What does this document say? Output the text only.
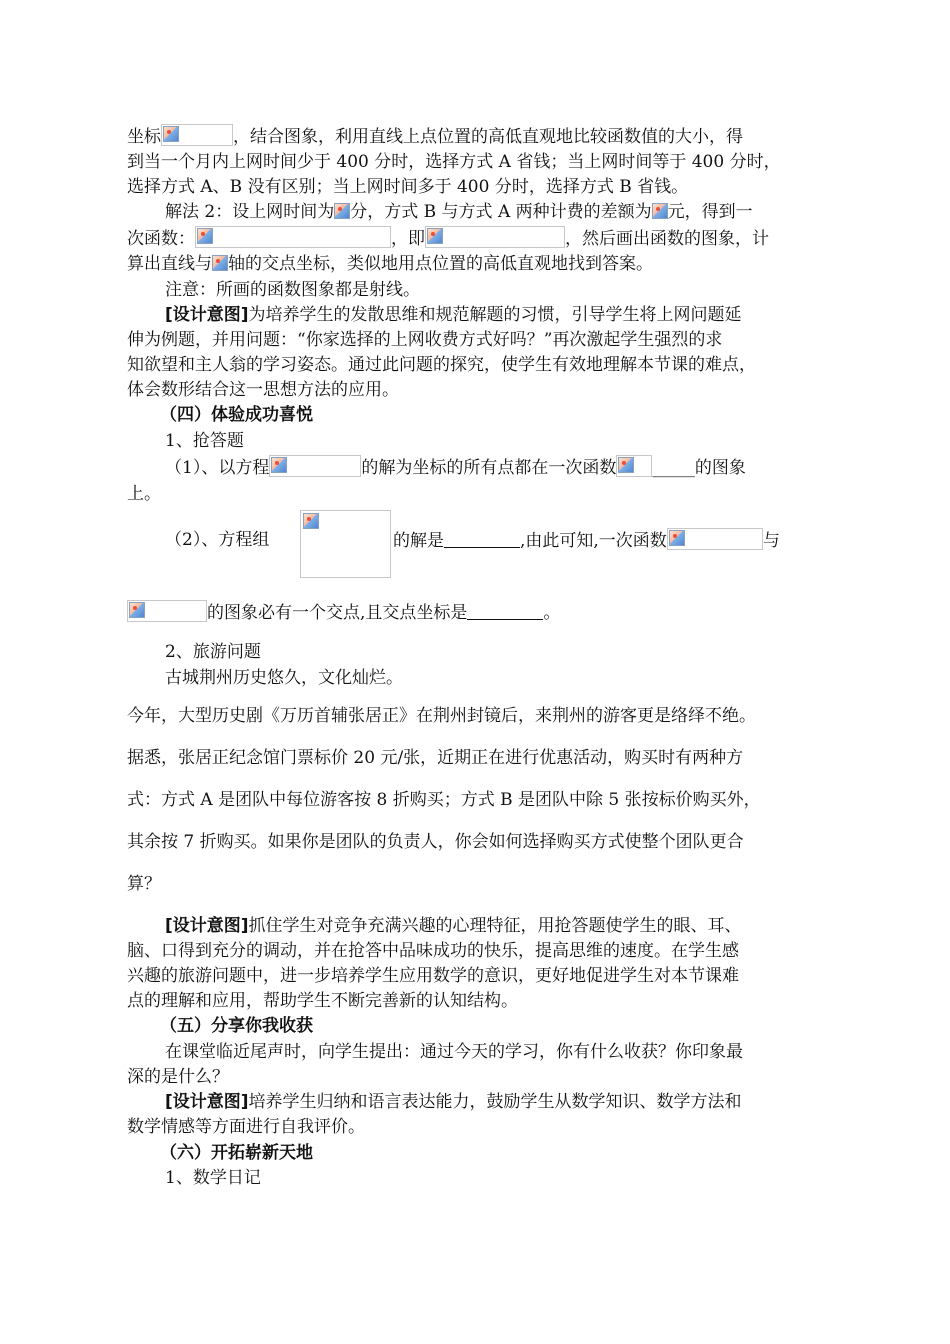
坐标	，结合图象，利用直线上点位置的高低直观地比较函数值的大小，得
到当一个月内上网时间少于 400 分时，选择方式 A 省钱；当上网时间等于 400 分时，
选择方式 A、B 没有区别；当上网时间多于 400 分时，选择方式 B 省钱。
解法 2：设上网时间为 分，方式 B 与方式 A 两种计费的差额为 元，得到一
次函数：	，即	，然后画出函数的图象，计
算出直线与 轴的交点坐标，类似地用点位置的高低直观地找到答案。
注意：所画的函数图象都是射线。
[设计意图]为培养学生的发散思维和规范解题的习惯，引导学生将上网问题延
伸为例题，并用问题：“你家选择的上网收费方式好吗？”再次激起学生强烈的求
知欲望和主人翁的学习姿态。通过此问题的探究，使学生有效地理解本节课的难点，
体会数形结合这一思想方法的应用。
（四）体验成功喜悦
1、抢答题
（1）、以方程	的解为坐标的所有点都在一次函数 _____的图象
上。
（2）、方程组	的解是	,由此可知,一次函数	与
的图象必有一个交点,且交点坐标是	。
2、旅游问题
古城荆州历史悠久，文化灿烂。
今年，大型历史剧《万历首辅张居正》在荆州封镜后，来荆州的游客更是络绎不绝。
据悉，张居正纪念馆门票标价 20 元/张，近期正在进行优惠活动，购买时有两种方
式：方式 A 是团队中每位游客按 8 折购买；方式 B 是团队中除 5 张按标价购买外，
其余按 7 折购买。如果你是团队的负责人，你会如何选择购买方式使整个团队更合
算？
[设计意图]抓住学生对竞争充满兴趣的心理特征，用抢答题使学生的眼、耳、
脑、口得到充分的调动，并在抢答中品味成功的快乐，提高思维的速度。在学生感
兴趣的旅游问题中，进一步培养学生应用数学的意识，更好地促进学生对本节课难
点的理解和应用，帮助学生不断完善新的认知结构。
（五）分享你我收获
在课堂临近尾声时，向学生提出：通过今天的学习，你有什么收获？你印象最
深的是什么？
[设计意图]培养学生归纳和语言表达能力，鼓励学生从数学知识、数学方法和
数学情感等方面进行自我评价。
（六）开拓崭新天地
1、数学日记
